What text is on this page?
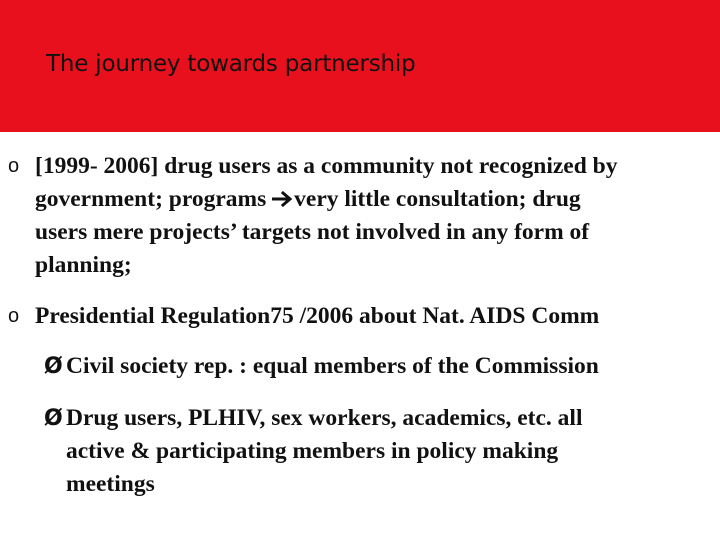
The journey towards partnership
o [1999- 2006] drug users as a community not recognized by
government; programs very little consultation; drug
users mere projects’ targets not involved in any form of
planning;
o Presidential Regulation75 /2006 about Nat. AIDS Comm
Ø Civil society rep. : equal members of the Commission
Ø Drug users, PLHIV, sex workers, academics, etc. all
active & participating members in policy making
meetings
